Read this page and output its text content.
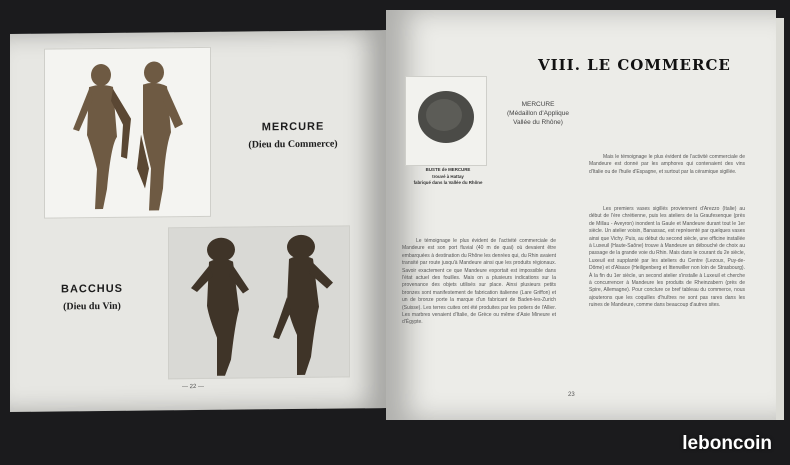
MERCURE
(Dieu du Commerce)
BACCHUS
(Dieu du Vin)
— 22 —
VIII. LE COMMERCE
MERCURE
(Médaillon d'Applique
Vallée du Rhône)
BUSTE de MERCURE
trouvé à Hattay
fabriqué dans la Vallée du Rhône
Le témoignage le plus évident de l'activité commerciale de Mandeure est son port fluvial (40 m de quai) où devaient être embarquées à destination du Rhône les denrées qui, du Rhin avaient transité par route jusqu'à Mandeure ainsi que les produits régionaux. Savoir exactement ce que Mandeure exportait est impossible dans l'état actuel des fouilles. Mais on a plusieurs indications sur la provenance des objets utilisés sur place. Ainsi plusieurs petits bronzes sont manifestement de fabrication italienne (Lare Griffon) et un de bronze porte la marque d'un fabricant de Baden-les-Zurich (Suisse). Les terres cuites ont été produites par les potiers de l'Allier. Les marbres venaient d'Italie, de Grèce ou même d'Asie Mineure et d'Égypte.
Mais le témoignage le plus évident de l'activité commerciale de Mandeure est donné par les amphores qui contenaient des vins d'Italie ou de l'huile d'Espagne, et surtout par la céramique sigillée.
Les premiers vases sigillés proviennent d'Arezzo (Italie) au début de l'ère chrétienne, puis les ateliers de la Graufesenque (près de Millau - Aveyron) inondent la Gaule et Mandeure durant tout le 1er siècle. Un atelier voisin, Banassac, est représenté par quelques vases ainsi que Vichy. Puis, au début du second siècle, une officine installée à Luxeuil (Haute-Saône) trouve à Mandeure un débouché de choix au passage de la grande voie du Rhin. Mais dans le courant du 2e siècle, Luxeuil est supplanté par les ateliers du Centre (Lezoux, Puy-de-Dôme) et d'Alsace (Heiligenberg et Ittenwiller non loin de Strasbourg). À la fin du 1er siècle, un second atelier s'installe à Luxeuil et cherche à concurrencer à Mandeure les produits de Rheinzabern (près de Spire, Allemagne). Pour conclure ce bref tableau du commerce, nous ajouterons que les coquilles d'huîtres ne sont pas rares dans les ruines de Mandeure, comme dans beaucoup d'autres sites.
23
leboncoin
